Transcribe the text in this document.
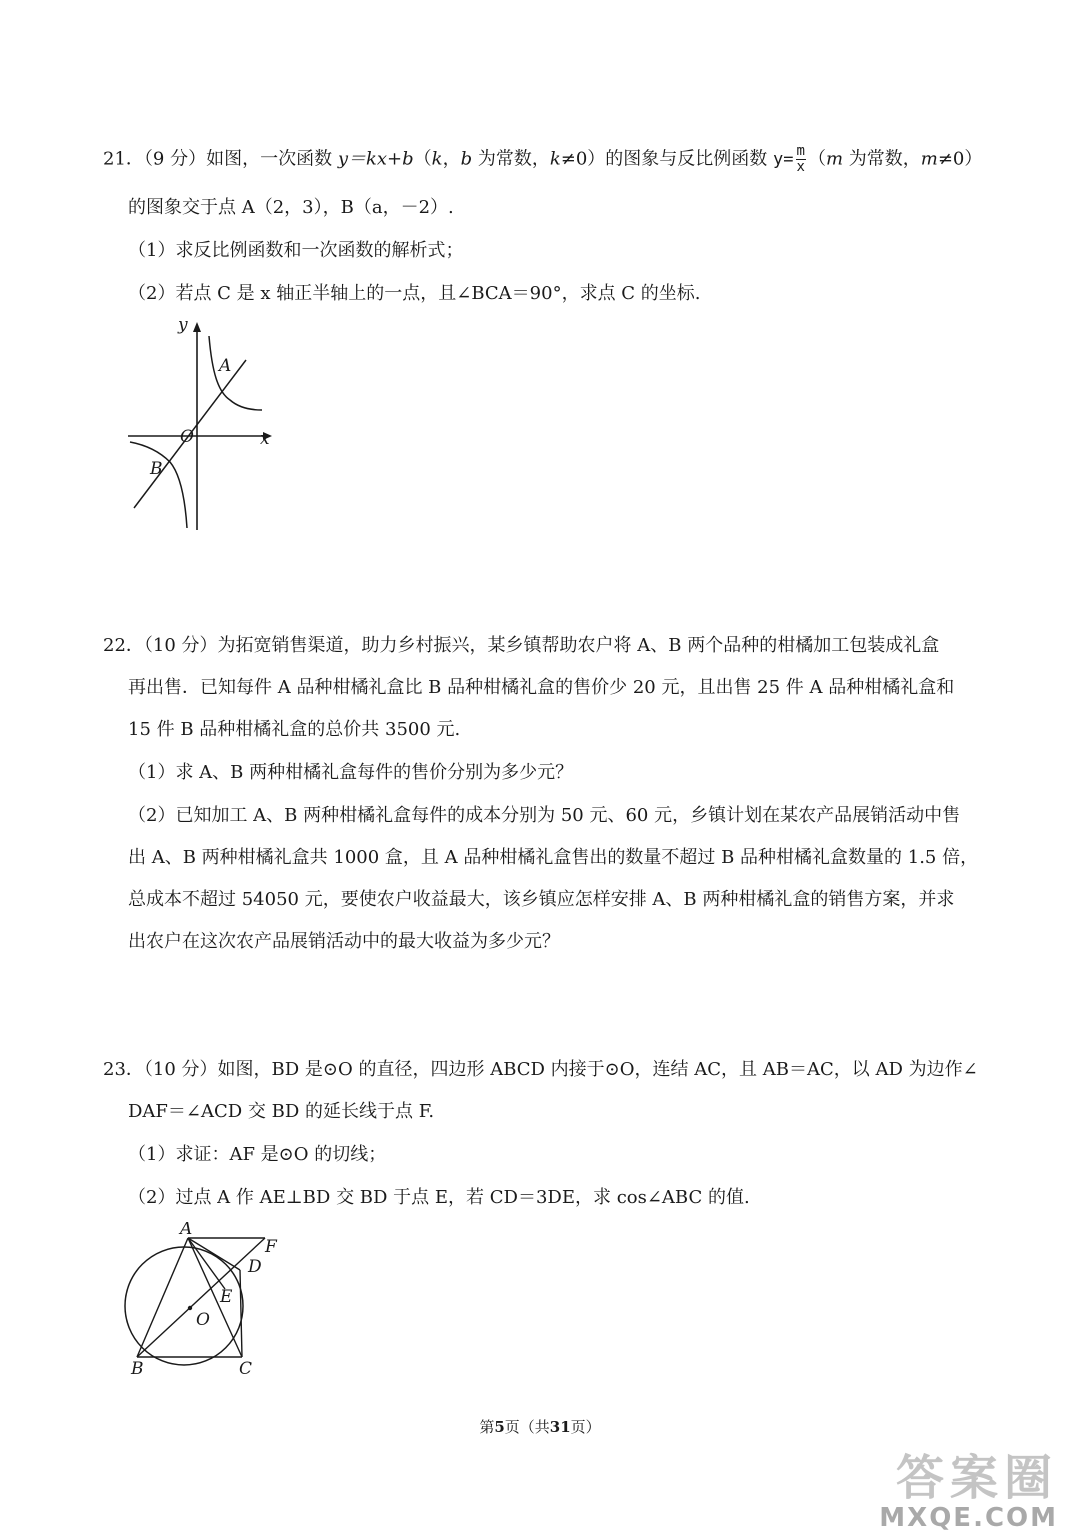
21．（9 分）如图，一次函数 y＝kx+b（k，b 为常数，k≠0）的图象与反比例函数 $y= \frac{m}{x} (m$ 为常数，m≠0）
的图象交于点 A（2，3），B（a，－2）.
（1）求反比例函数和一次函数的解析式；
（2）若点 C 是 x 轴正半轴上的一点，且∠BCA＝90°，求点 C 的坐标.
y
x
O
A
B
22．（10 分）为拓宽销售渠道，助力乡村振兴，某乡镇帮助农户将 A、B 两个品种的柑橘加工包装成礼盒
再出售．已知每件 A 品种柑橘礼盒比 B 品种柑橘礼盒的售价少 20 元，且出售 25 件 A 品种柑橘礼盒和
15 件 B 品种柑橘礼盒的总价共 3500 元.
（1）求 A、B 两种柑橘礼盒每件的售价分别为多少元？
（2）已知加工 A、B 两种柑橘礼盒每件的成本分别为 50 元、60 元，乡镇计划在某农产品展销活动中售
出 A、B 两种柑橘礼盒共 1000 盒，且 A 品种柑橘礼盒售出的数量不超过 B 品种柑橘礼盒数量的 1.5 倍，
总成本不超过 54050 元，要使农户收益最大，该乡镇应怎样安排 A、B 两种柑橘礼盒的销售方案，并求
出农户在这次农产品展销活动中的最大收益为多少元？
23．（10 分）如图，BD 是⊙O 的直径，四边形 ABCD 内接于⊙O，连结 AC，且 AB＝AC，以 AD 为边作∠
DAF＝∠ACD 交 BD 的延长线于点 F.
（1）求证：AF 是⊙O 的切线；
（2）过点 A 作 AE⊥BD 交 BD 于点 E，若 CD＝3DE，求 cos∠ABC 的值.
A
F
D
E
O
B	C
第5页（共31页）
答案圈
MXQE.COM
